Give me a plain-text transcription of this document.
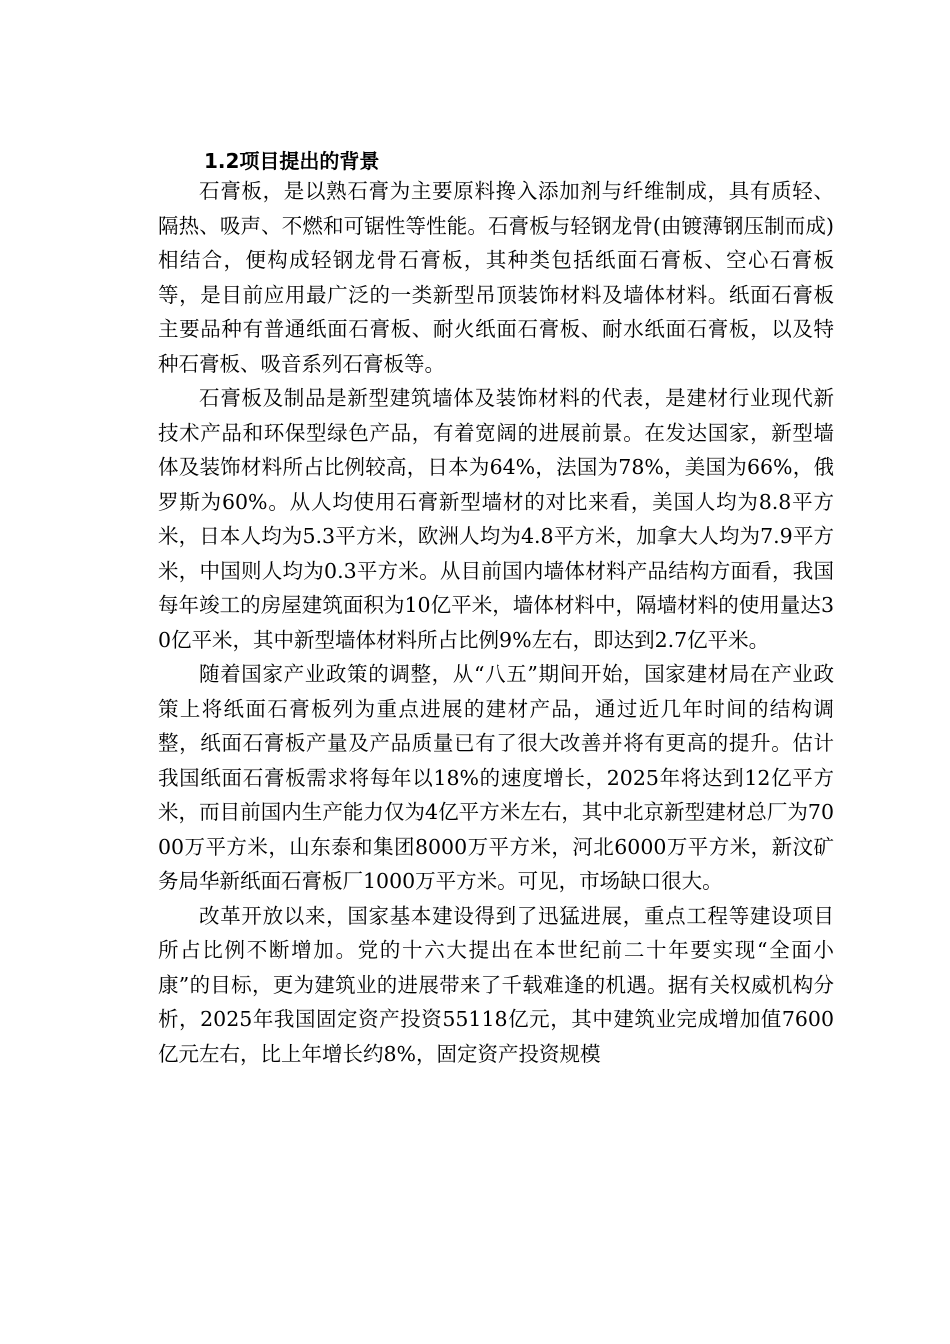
1.2项目提出的背景

石膏板，是以熟石膏为主要原料搀入添加剂与纤维制成，具有质轻、隔热、吸声、不燃和可锯性等性能。石膏板与轻钢龙骨(由镀薄钢压制而成)相结合，便构成轻钢龙骨石膏板，其种类包括纸面石膏板、空心石膏板等，是目前应用最广泛的一类新型吊顶装饰材料及墙体材料。纸面石膏板主要品种有普通纸面石膏板、耐火纸面石膏板、耐水纸面石膏板，以及特种石膏板、吸音系列石膏板等。

石膏板及制品是新型建筑墙体及装饰材料的代表，是建材行业现代新技术产品和环保型绿色产品，有着宽阔的进展前景。在发达国家，新型墙体及装饰材料所占比例较高，日本为64%，法国为78%，美国为66%，俄罗斯为60%。从人均使用石膏新型墙材的对比来看，美国人均为8.8平方米，日本人均为5.3平方米，欧洲人均为4.8平方米，加拿大人均为7.9平方米，中国则人均为0.3平方米。从目前国内墙体材料产品结构方面看，我国每年竣工的房屋建筑面积为10亿平米，墙体材料中，隔墙材料的使用量达30亿平米，其中新型墙体材料所占比例9%左右，即达到2.7亿平米。

随着国家产业政策的调整，从“八五”期间开始，国家建材局在产业政策上将纸面石膏板列为重点进展的建材产品，通过近几年时间的结构调整，纸面石膏板产量及产品质量已有了很大改善并将有更高的提升。估计我国纸面石膏板需求将每年以18%的速度增长，2025年将达到12亿平方米，而目前国内生产能力仅为4亿平方米左右，其中北京新型建材总厂为7000万平方米，山东泰和集团8000万平方米，河北6000万平方米，新汶矿务局华新纸面石膏板厂1000万平方米。可见，市场缺口很大。

改革开放以来，国家基本建设得到了迅猛进展，重点工程等建设项目所占比例不断增加。党的十六大提出在本世纪前二十年要实现“全面小康”的目标，更为建筑业的进展带来了千载难逢的机遇。据有关权威机构分析，2025年我国固定资产投资55118亿元，其中建筑业完成增加值7600亿元左右，比上年增长约8%，固定资产投资规模
